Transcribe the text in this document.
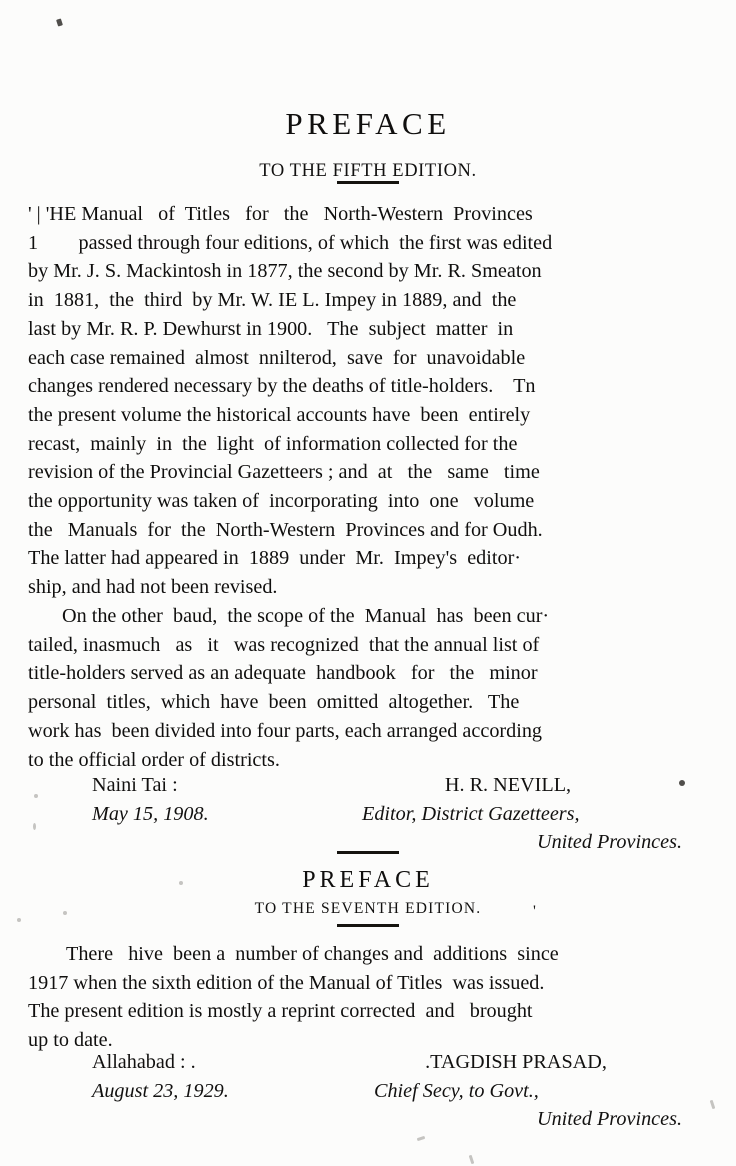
PREFACE
TO THE FIFTH EDITION.
' | 'HE Manual   of  Titles   for   the   North-Western  Provinces
1        passed through four editions, of which  the first was edited
by Mr. J. S. Mackintosh in 1877, the second by Mr. R. Smeaton
in  1881,  the  third  by Mr. W. IE L. Impey in 1889, and  the
last by Mr. R. P. Dewhurst in 1900.   The  subject  matter  in
each case remained  almost  nnilterod,  save  for  unavoidable
changes rendered necessary by the deaths of title-holders.    Tn
the present volume the historical accounts have  been  entirely
recast,  mainly  in  the  light  of information collected for the
revision of the Provincial Gazetteers ; and  at   the   same   time
the opportunity was taken of  incorporating  into  one   volume
the   Manuals  for  the  North-Western  Provinces and for Oudh.
The latter had appeared in  1889  under  Mr.  Impey's  editor·
ship, and had not been revised.
On the other  baud,  the scope of the  Manual  has  been cur·
tailed, inasmuch   as   it   was recognized  that the annual list of
title-holders served as an adequate  handbook   for   the   minor
personal  titles,  which  have  been  omitted  altogether.   The
work has  been divided into four parts, each arranged according
to the official order of districts.
Naini Tai :
May 15, 1908.
H. R. NEVILL,
Editor, District Gazetteers,
United Provinces.
PREFACE
TO THE SEVENTH EDITION.	'
There   hive  been a  number of changes and  additions  since
1917 when the sixth edition of the Manual of Titles  was issued.
The present edition is mostly a reprint corrected  and   brought
up to date.
Allahabad : .
August 23, 1929.
.TAGDISH PRASAD,
Chief Secy, to Govt.,
United Provinces.
